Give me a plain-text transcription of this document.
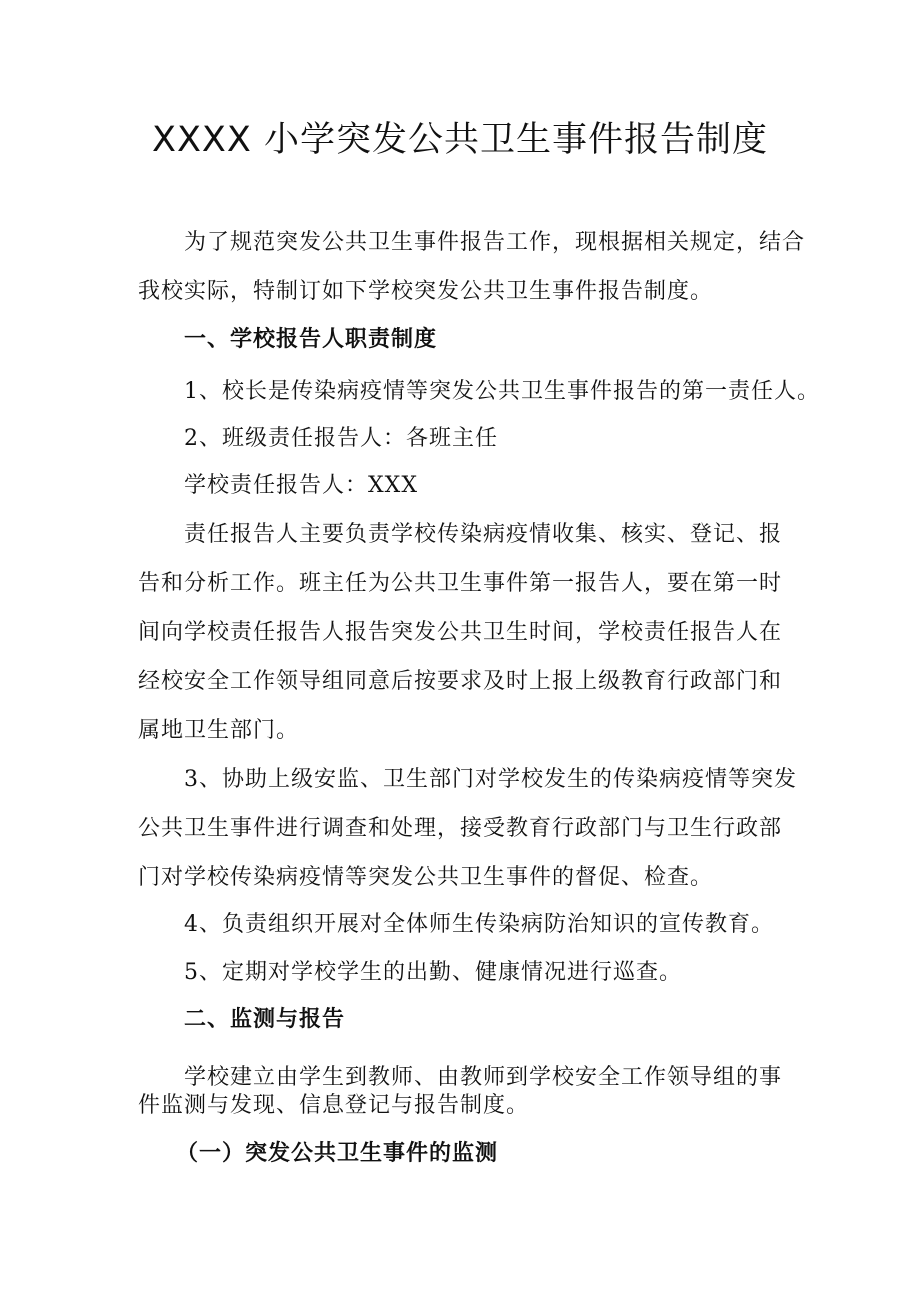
XXXX 小学突发公共卫生事件报告制度

为了规范突发公共卫生事件报告工作，现根据相关规定，结合
我校实际，特制订如下学校突发公共卫生事件报告制度。

一、学校报告人职责制度

1、校长是传染病疫情等突发公共卫生事件报告的第一责任人。

2、班级责任报告人：各班主任

学校责任报告人：XXX

责任报告人主要负责学校传染病疫情收集、核实、登记、报
告和分析工作。班主任为公共卫生事件第一报告人，要在第一时
间向学校责任报告人报告突发公共卫生时间，学校责任报告人在
经校安全工作领导组同意后按要求及时上报上级教育行政部门和
属地卫生部门。

3、协助上级安监、卫生部门对学校发生的传染病疫情等突发
公共卫生事件进行调查和处理，接受教育行政部门与卫生行政部
门对学校传染病疫情等突发公共卫生事件的督促、检查。

4、负责组织开展对全体师生传染病防治知识的宣传教育。

5、定期对学校学生的出勤、健康情况进行巡查。

二、监测与报告

学校建立由学生到教师、由教师到学校安全工作领导组的事
件监测与发现、信息登记与报告制度。

（一）突发公共卫生事件的监测
